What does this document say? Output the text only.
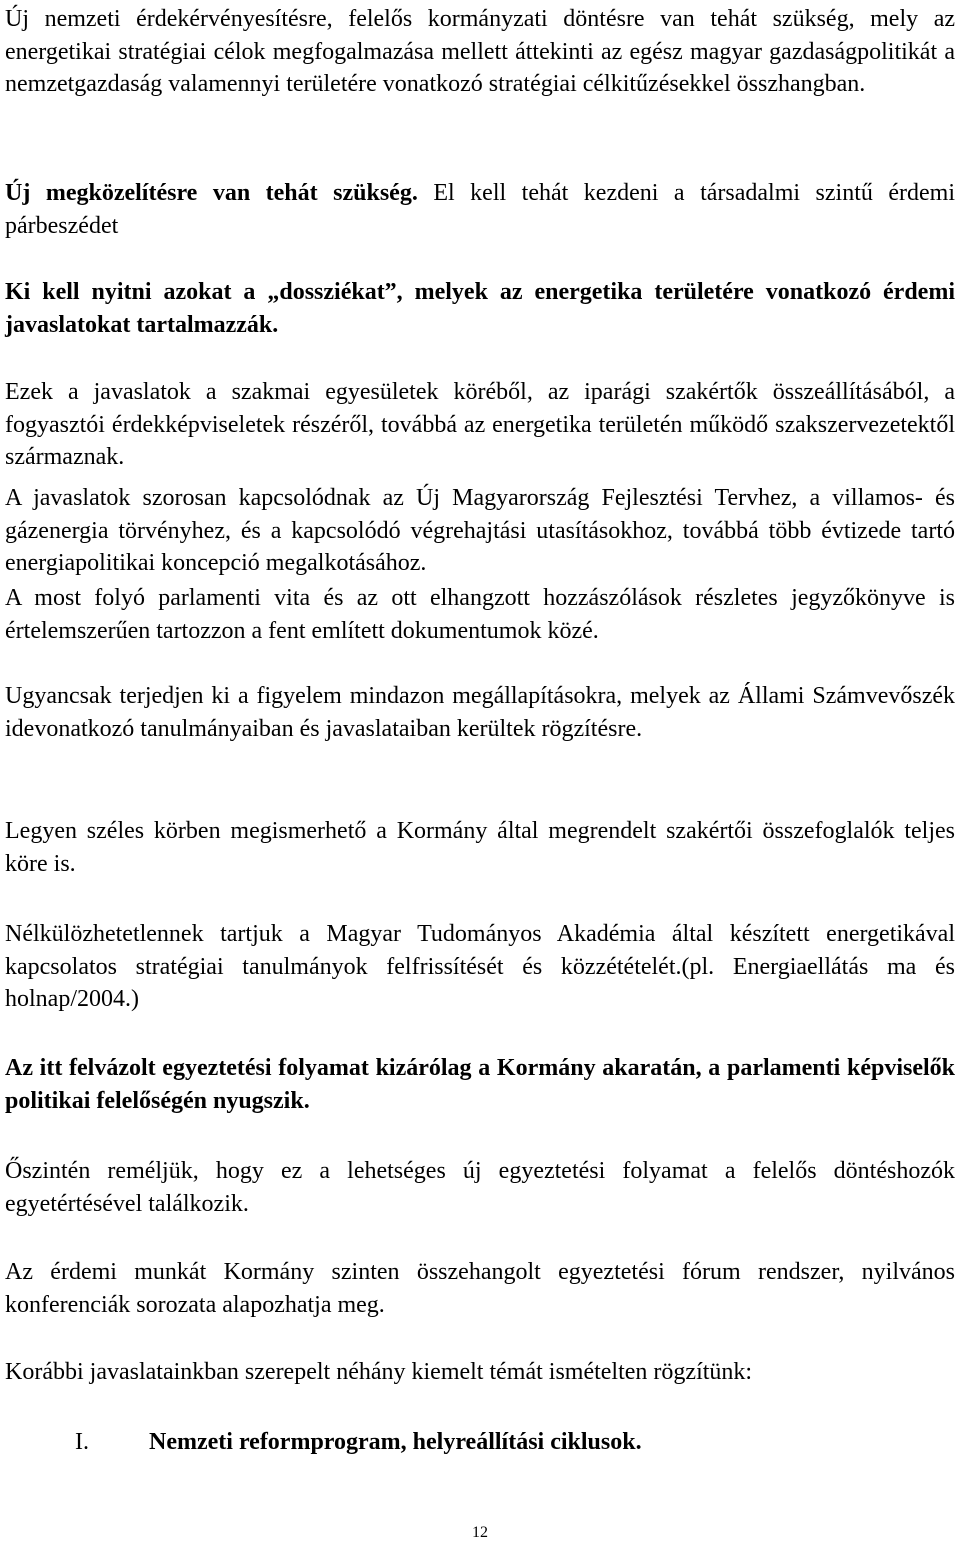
Új nemzeti érdekérvényesítésre, felelős kormányzati döntésre van tehát szükség, mely az energetikai stratégiai célok megfogalmazása mellett áttekinti az egész magyar gazdaságpolitikát a nemzetgazdaság valamennyi területére vonatkozó stratégiai célkitűzésekkel összhangban.

Új megközelítésre van tehát szükség. El kell tehát kezdeni a társadalmi szintű érdemi párbeszédet

Ki kell nyitni azokat a „dossziékat”, melyek az energetika területére vonatkozó érdemi javaslatokat tartalmazzák.

Ezek a javaslatok a szakmai egyesületek köréből, az iparági szakértők összeállításából, a fogyasztói érdekképviseletek részéről, továbbá az energetika területén működő szakszervezetektől származnak.

A javaslatok szorosan kapcsolódnak az Új Magyarország Fejlesztési Tervhez, a villamos- és gázenergia törvényhez, és a kapcsolódó végrehajtási utasításokhoz, továbbá több évtizede tartó energiapolitikai koncepció megalkotásához.

A most folyó parlamenti vita és az ott elhangzott hozzászólások részletes jegyzőkönyve is értelemszerűen tartozzon a fent említett dokumentumok közé.

Ugyancsak terjedjen ki a figyelem mindazon megállapításokra, melyek az Állami Számvevőszék idevonatkozó tanulmányaiban és javaslataiban kerültek rögzítésre.

Legyen széles körben megismerhető a Kormány által megrendelt szakértői összefoglalók teljes köre is.

Nélkülözhetetlennek tartjuk a Magyar Tudományos Akadémia által készített energetikával kapcsolatos stratégiai tanulmányok felfrissítését és közzétételét.(pl. Energiaellátás ma és holnap/2004.)

Az itt felvázolt egyeztetési folyamat kizárólag a Kormány akaratán, a parlamenti képviselők politikai felelőségén nyugszik.

Őszintén reméljük, hogy ez a lehetséges új egyeztetési folyamat a felelős döntéshozók egyetértésével találkozik.

Az érdemi munkát Kormány szinten összehangolt egyeztetési fórum rendszer, nyilvános konferenciák sorozata alapozhatja meg.

Korábbi javaslatainkban szerepelt néhány kiemelt témát ismételten rögzítünk:

I.	Nemzeti reformprogram, helyreállítási ciklusok.
12
